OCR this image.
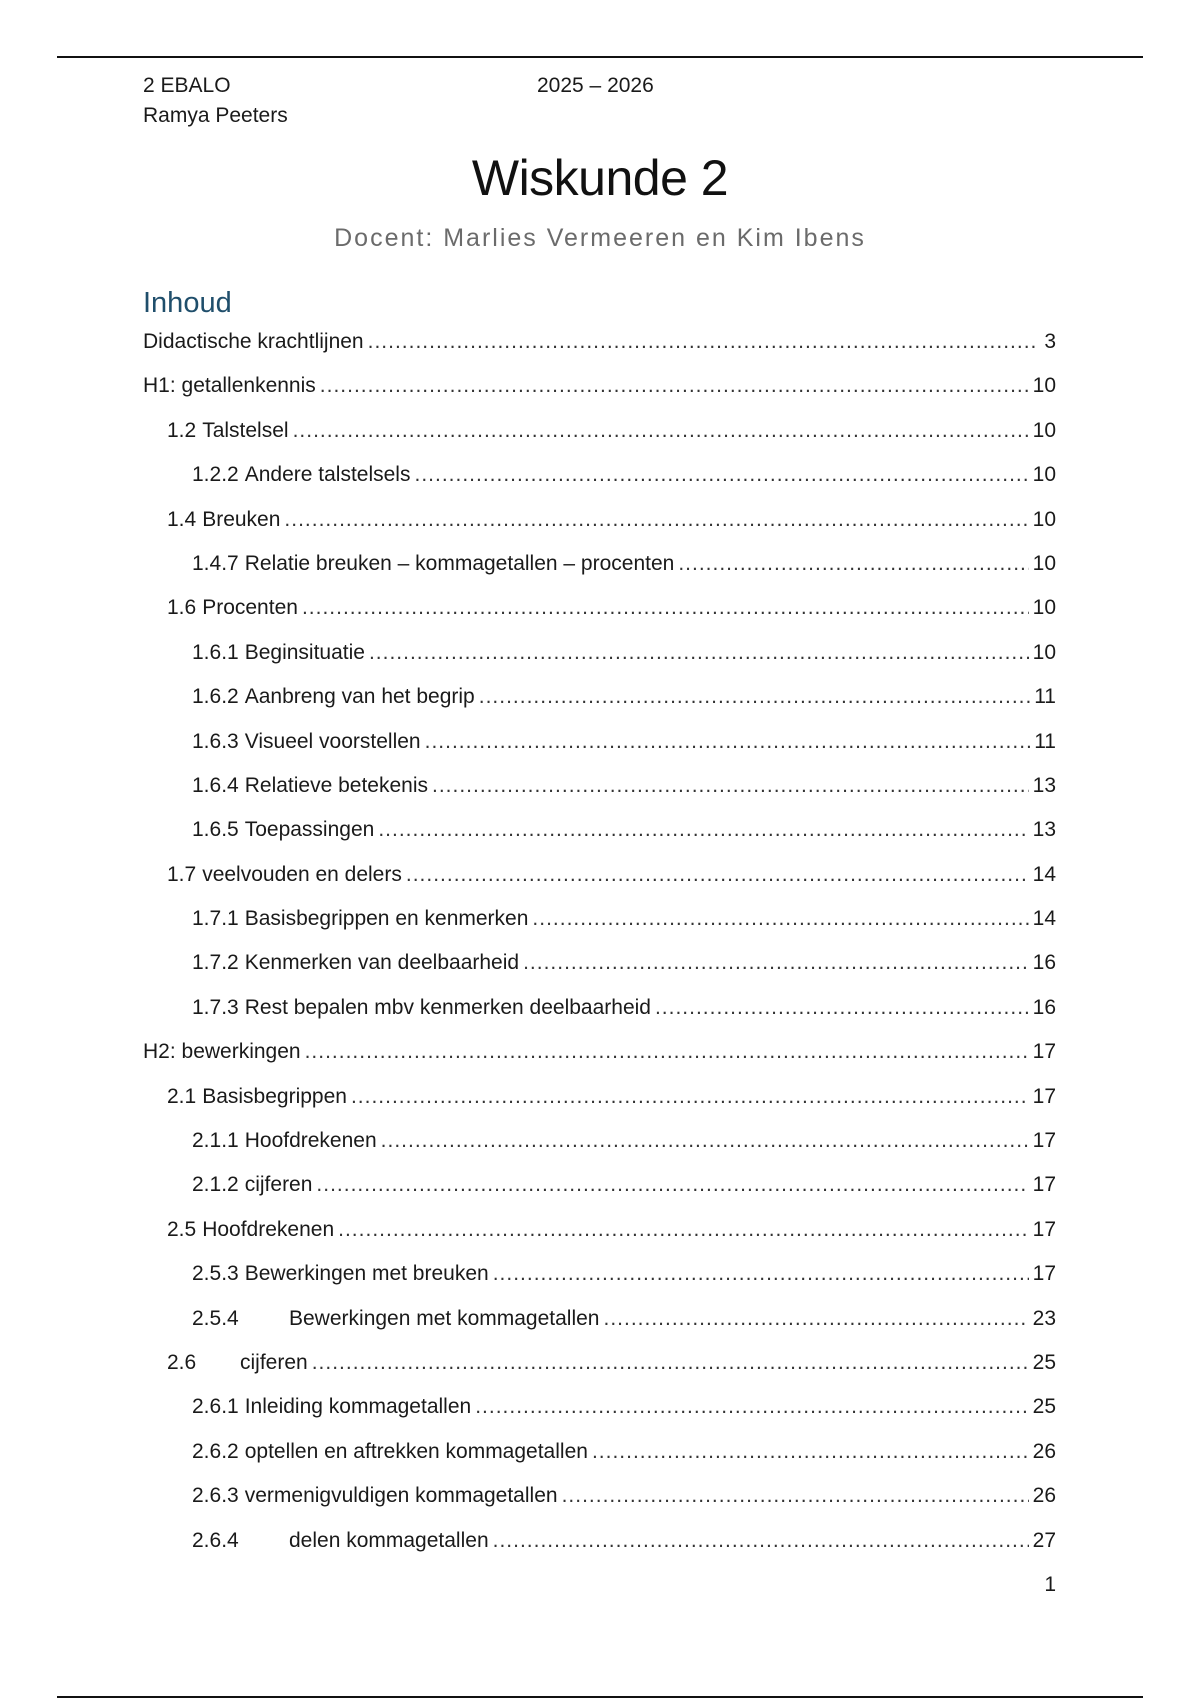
2 EBALO
Ramya Peeters
2025 – 2026
Wiskunde 2
Docent: Marlies Vermeeren en Kim Ibens
Inhoud
Didactische krachtlijnen .....	3
H1: getallenkennis .....	10
1.2 Talstelsel .....	10
1.2.2 Andere talstelsels .....	10
1.4 Breuken .....	10
1.4.7 Relatie breuken – kommagetallen – procenten .....	10
1.6 Procenten .....	10
1.6.1 Beginsituatie .....	10
1.6.2 Aanbreng van het begrip .....	11
1.6.3 Visueel voorstellen .....	11
1.6.4 Relatieve betekenis .....	13
1.6.5 Toepassingen .....	13
1.7 veelvouden en delers .....	14
1.7.1 Basisbegrippen en kenmerken .....	14
1.7.2 Kenmerken van deelbaarheid .....	16
1.7.3 Rest bepalen mbv kenmerken deelbaarheid .....	16
H2: bewerkingen .....	17
2.1 Basisbegrippen .....	17
2.1.1 Hoofdrekenen .....	17
2.1.2 cijferen .....	17
2.5 Hoofdrekenen .....	17
2.5.3 Bewerkingen met breuken .....	17
2.5.4	Bewerkingen met kommagetallen .....	23
2.6	cijferen .....	25
2.6.1 Inleiding kommagetallen .....	25
2.6.2 optellen en aftrekken kommagetallen .....	26
2.6.3 vermenigvuldigen kommagetallen .....	26
2.6.4	delen kommagetallen .....	27
1
